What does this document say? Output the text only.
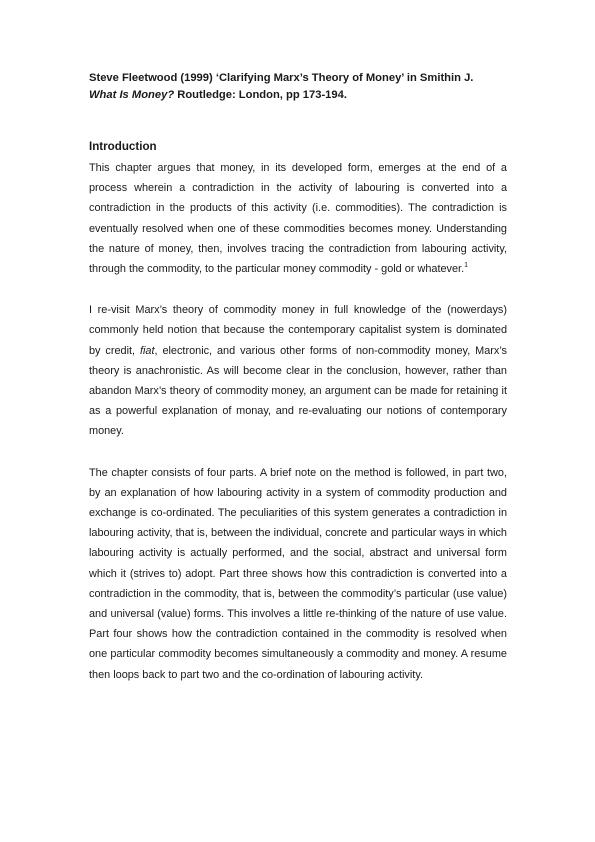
Steve Fleetwood (1999) ‘Clarifying Marx’s Theory of Money’ in Smithin J.
What Is Money? Routledge: London, pp 173-194.

Introduction

This chapter argues that money, in its developed form, emerges at the end of a process wherein a contradiction in the activity of labouring is converted into a contradiction in the products of this activity (i.e. commodities). The contradiction is eventually resolved when one of these commodities becomes money. Understanding the nature of money, then, involves tracing the contradiction from labouring activity, through the commodity, to the particular money commodity - gold or whatever.$^1$

I re-visit Marx’s theory of commodity money in full knowledge of the (nowerdays) commonly held notion that because the contemporary capitalist system is dominated by credit, fiat, electronic, and various other forms of non-commodity money, Marx’s theory is anachronistic. As will become clear in the conclusion, however, rather than abandon Marx’s theory of commodity money, an argument can be made for retaining it as a powerful explanation of monay, and re-evaluating our notions of contemporary money.

The chapter consists of four parts. A brief note on the method is followed, in part two, by an explanation of how labouring activity in a system of commodity production and exchange is co-ordinated. The peculiarities of this system generates a contradiction in labouring activity, that is, between the individual, concrete and particular ways in which labouring activity is actually performed, and the social, abstract and universal form which it (strives to) adopt. Part three shows how this contradiction is converted into a contradiction in the commodity, that is, between the commodity’s particular (use value) and universal (value) forms. This involves a little re-thinking of the nature of use value. Part four shows how the contradiction contained in the commodity is resolved when one particular commodity becomes simultaneously a commodity and money. A resume then loops back to part two and the co-ordination of labouring activity.
